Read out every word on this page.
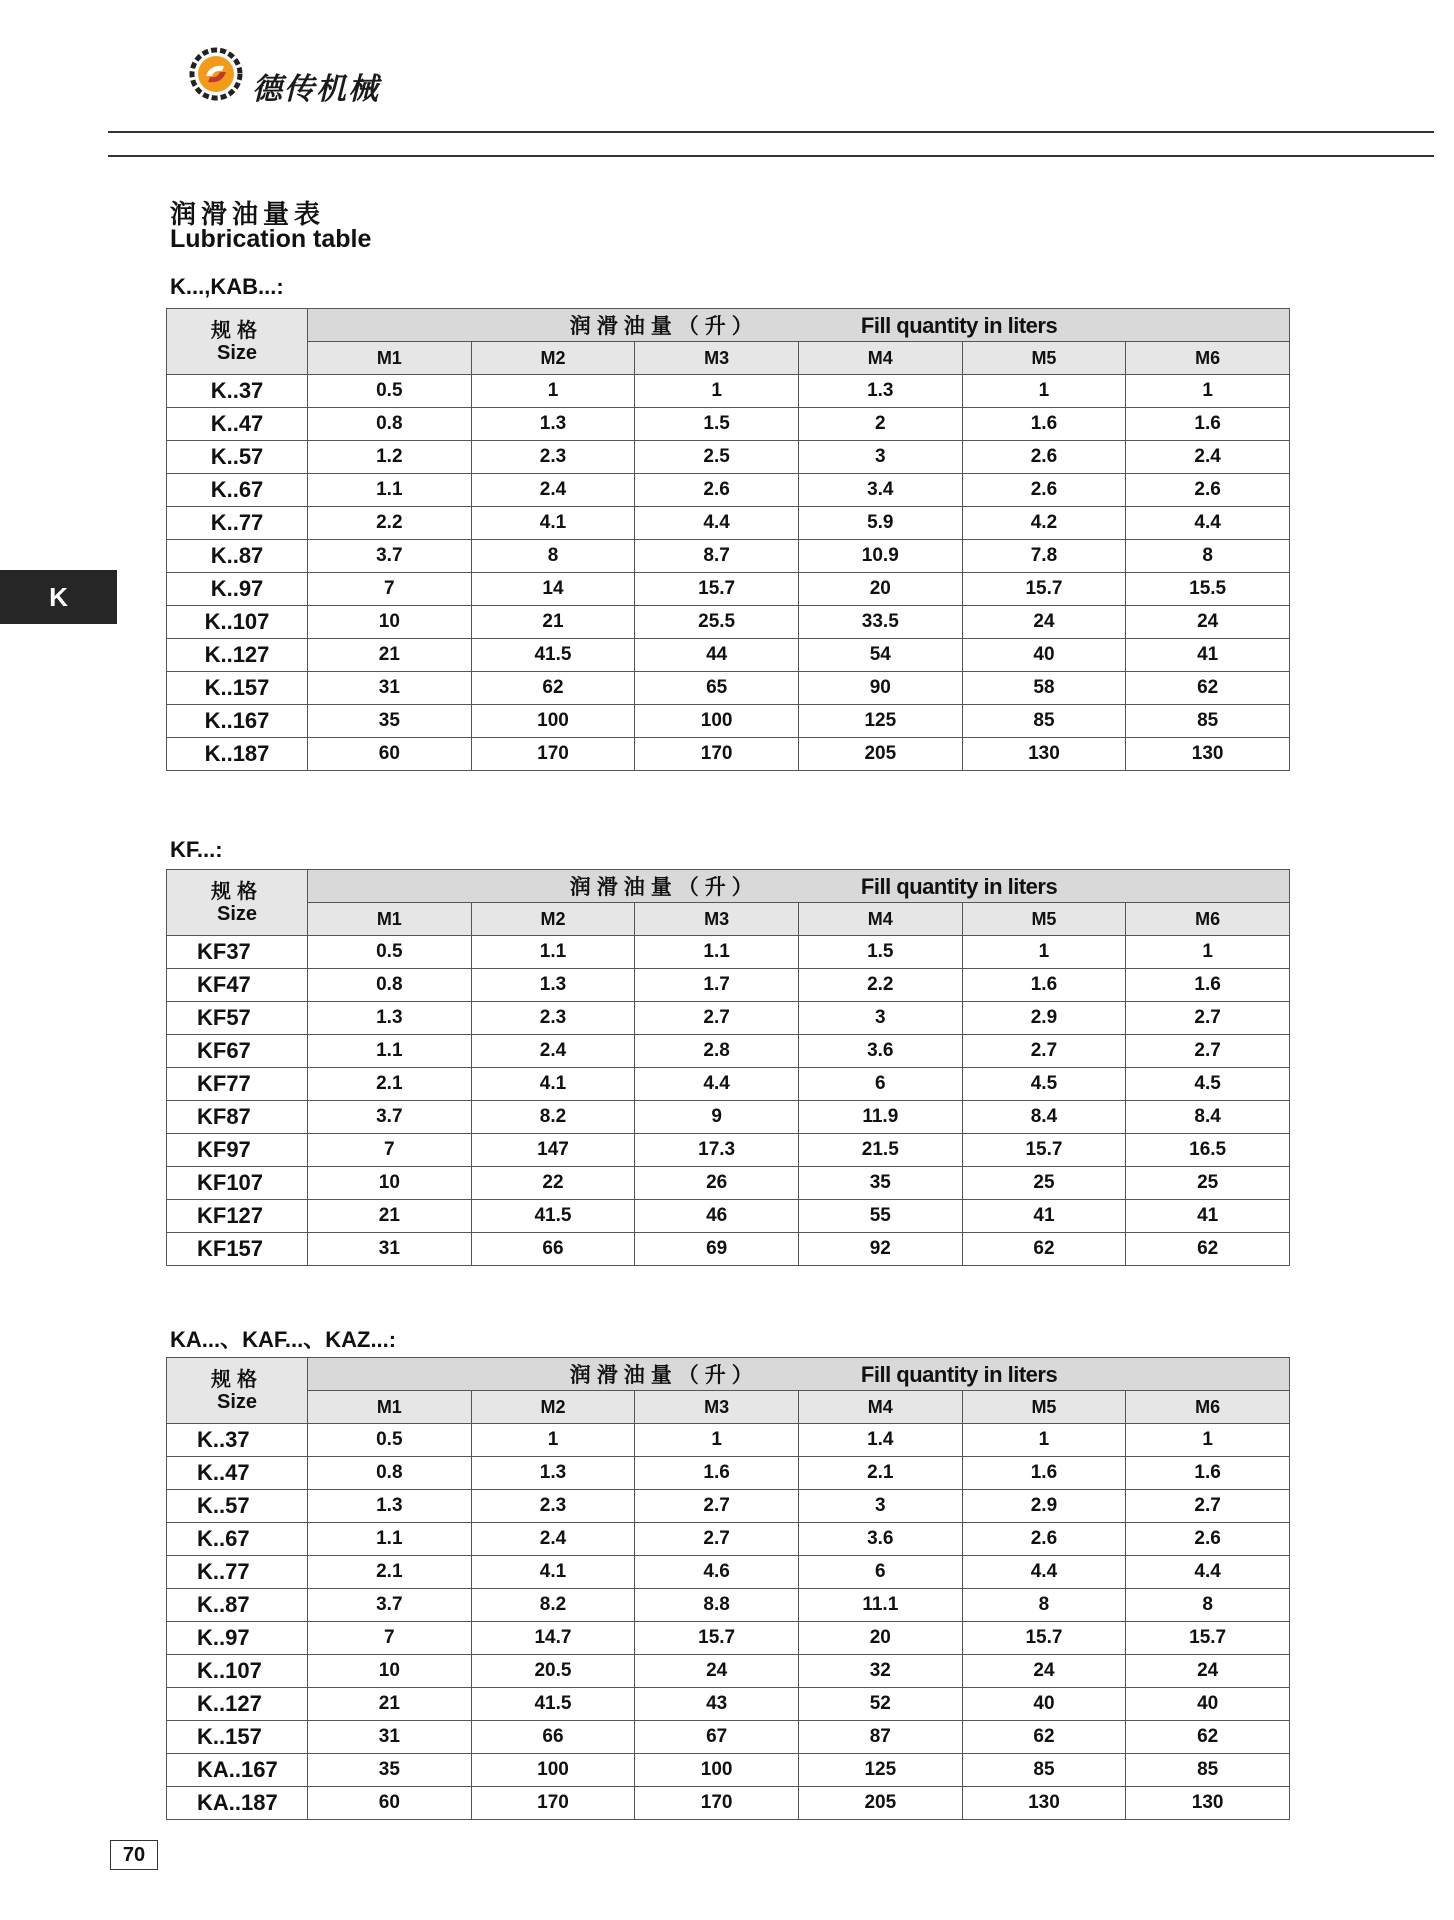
德传机械
K
润滑油量表
Lubrication table
K...,KAB...:
规格
Size	润滑油量（升） Fill quantity in liters					
	M1	M2	M3	M4	M5	M6
K..37	0.5	1	1	1.3	1	1
K..47	0.8	1.3	1.5	2	1.6	1.6
K..57	1.2	2.3	2.5	3	2.6	2.4
K..67	1.1	2.4	2.6	3.4	2.6	2.6
K..77	2.2	4.1	4.4	5.9	4.2	4.4
K..87	3.7	8	8.7	10.9	7.8	8
K..97	7	14	15.7	20	15.7	15.5
K..107	10	21	25.5	33.5	24	24
K..127	21	41.5	44	54	40	41
K..157	31	62	65	90	58	62
K..167	35	100	100	125	85	85
K..187	60	170	170	205	130	130
KF...:
规格
Size	润滑油量（升） Fill quantity in liters					
	M1	M2	M3	M4	M5	M6
KF37	0.5	1.1	1.1	1.5	1	1
KF47	0.8	1.3	1.7	2.2	1.6	1.6
KF57	1.3	2.3	2.7	3	2.9	2.7
KF67	1.1	2.4	2.8	3.6	2.7	2.7
KF77	2.1	4.1	4.4	6	4.5	4.5
KF87	3.7	8.2	9	11.9	8.4	8.4
KF97	7	147	17.3	21.5	15.7	16.5
KF107	10	22	26	35	25	25
KF127	21	41.5	46	55	41	41
KF157	31	66	69	92	62	62
KA...、KAF...、KAZ...:
规格
Size	润滑油量（升） Fill quantity in liters					
	M1	M2	M3	M4	M5	M6
K..37	0.5	1	1	1.4	1	1
K..47	0.8	1.3	1.6	2.1	1.6	1.6
K..57	1.3	2.3	2.7	3	2.9	2.7
K..67	1.1	2.4	2.7	3.6	2.6	2.6
K..77	2.1	4.1	4.6	6	4.4	4.4
K..87	3.7	8.2	8.8	11.1	8	8
K..97	7	14.7	15.7	20	15.7	15.7
K..107	10	20.5	24	32	24	24
K..127	21	41.5	43	52	40	40
K..157	31	66	67	87	62	62
KA..167	35	100	100	125	85	85
KA..187	60	170	170	205	130	130
70
